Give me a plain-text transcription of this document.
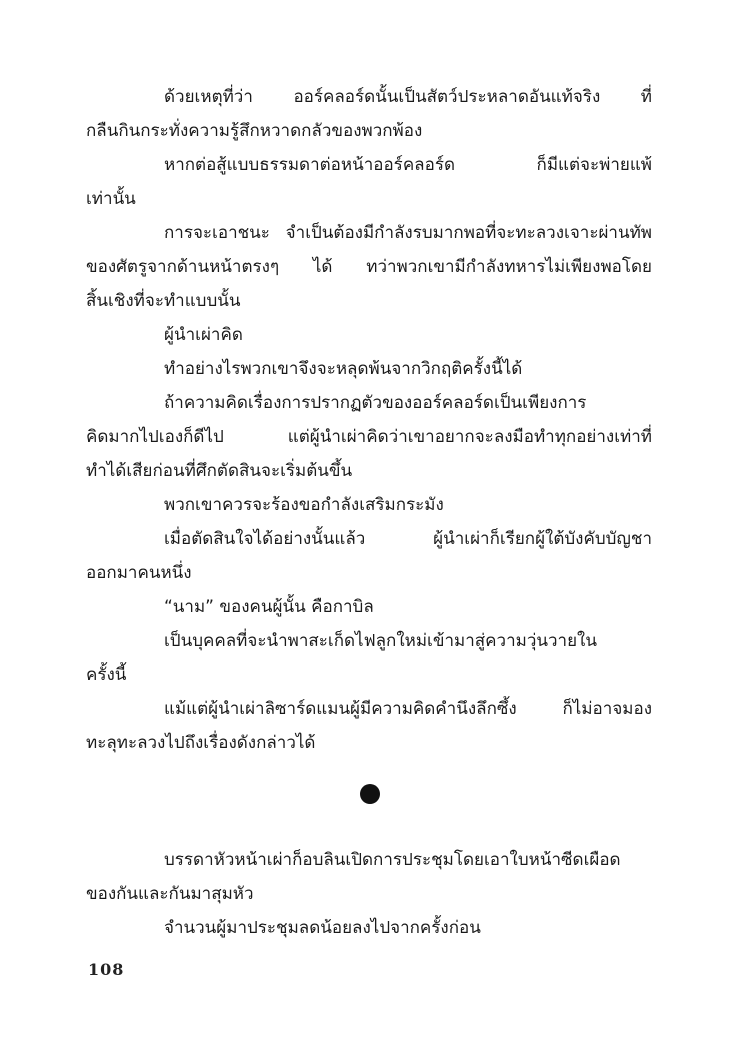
ด้วยเหตุที่ว่า ออร์คลอร์ดนั้นเป็นสัตว์ประหลาดอันแท้จริง ที่
กลืนกินกระทั่งความรู้สึกหวาดกลัวของพวกพ้อง
หากต่อสู้แบบธรรมดาต่อหน้าออร์คลอร์ด ก็มีแต่จะพ่ายแพ้
เท่านั้น
การจะเอาชนะ จำเป็นต้องมีกำลังรบมากพอที่จะทะลวงเจาะผ่านทัพ
ของศัตรูจากด้านหน้าตรงๆ ได้ ทว่าพวกเขามีกำลังทหารไม่เพียงพอโดย
สิ้นเชิงที่จะทำแบบนั้น
ผู้นำเผ่าคิด
ทำอย่างไรพวกเขาจึงจะหลุดพ้นจากวิกฤติครั้งนี้ได้
ถ้าความคิดเรื่องการปรากฏตัวของออร์คลอร์ดเป็นเพียงการ
คิดมากไปเองก็ดีไป แต่ผู้นำเผ่าคิดว่าเขาอยากจะลงมือทำทุกอย่างเท่าที่
ทำได้เสียก่อนที่ศึกตัดสินจะเริ่มต้นขึ้น
พวกเขาควรจะร้องขอกำลังเสริมกระมัง
เมื่อตัดสินใจได้อย่างนั้นแล้ว ผู้นำเผ่าก็เรียกผู้ใต้บังคับบัญชา
ออกมาคนหนึ่ง
“นาม” ของคนผู้นั้น คือกาบิล
เป็นบุคคลที่จะนำพาสะเก็ดไฟลูกใหม่เข้ามาสู่ความวุ่นวายใน
ครั้งนี้
แม้แต่ผู้นำเผ่าลิซาร์ดแมนผู้มีความคิดคำนึงลึกซึ้ง ก็ไม่อาจมอง
ทะลุทะลวงไปถึงเรื่องดังกล่าวได้
บรรดาหัวหน้าเผ่าก็อบลินเปิดการประชุมโดยเอาใบหน้าซีดเผือด
ของกันและกันมาสุมหัว
จำนวนผู้มาประชุมลดน้อยลงไปจากครั้งก่อน
108
